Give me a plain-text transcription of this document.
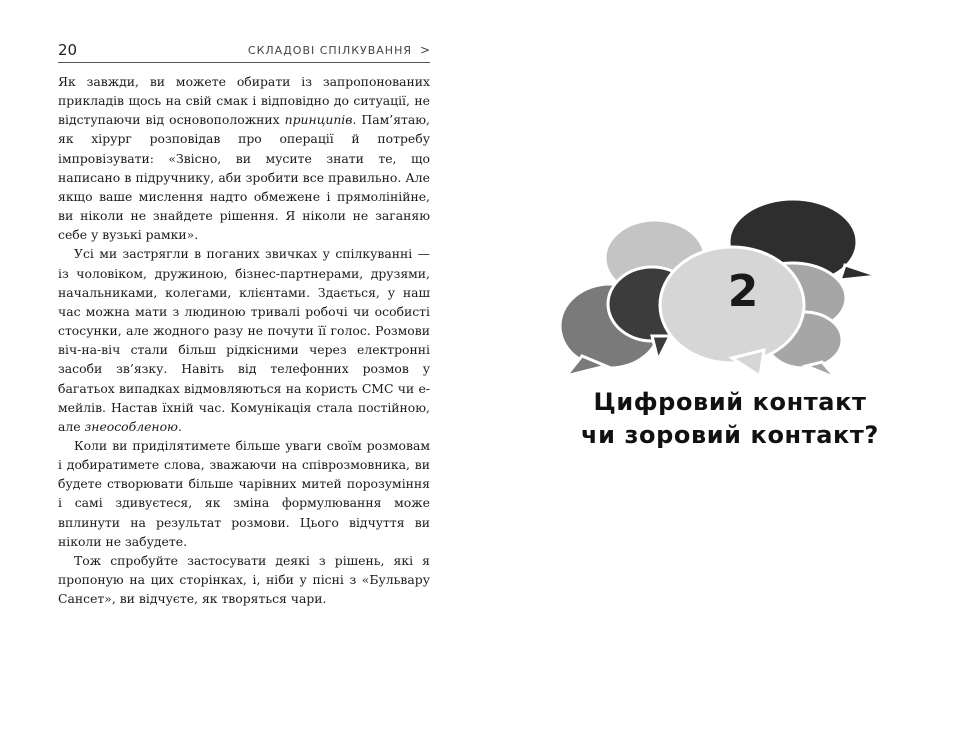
20	СКЛАДОВІ СПІЛКУВАННЯ >

Як завжди, ви можете обирати із запропонованих прикладів щось на свій смак і відповідно до ситуації, не відступаючи від основоположних принципів. Пам’ятаю, як хірург розповідав про операції й потребу імпровізувати: «Звісно, ви мусите знати те, що написано в підручнику, аби зробити все правильно. Але якщо ваше мислення надто обмежене і прямолінійне, ви ніколи не знайдете рішення. Я ніколи не заганяю себе у вузькі рамки».

Усі ми застрягли в поганих звичках у спілкуванні — із чоловіком, дружиною, бізнес-партнерами, друзями, начальниками, колегами, клієнтами. Здається, у наш час можна мати з людиною тривалі робочі чи особисті стосунки, але жодного разу не почути її голос. Розмови віч-на-віч стали більш рідкісними через електронні засоби зв’язку. Навіть від телефонних розмов у багатьох випадках відмовляються на користь СМС чи е-мейлів. Настав їхній час. Комунікація стала постійною, але знеособленою.

Коли ви приділятимете більше уваги своїм розмовам і добиратимете слова, зважаючи на співрозмовника, ви будете створювати більше чарівних митей порозуміння і самі здивуєтеся, як зміна формулювання може вплинути на результат розмови. Цього відчуття ви ніколи не забудете.

Тож спробуйте застосувати деякі з рішень, які я пропоную на цих сторінках, і, ніби у пісні з «Бульвару Сансет», ви відчуєте, як творяться чари.

2
Цифровий контакт
чи зоровий контакт?
